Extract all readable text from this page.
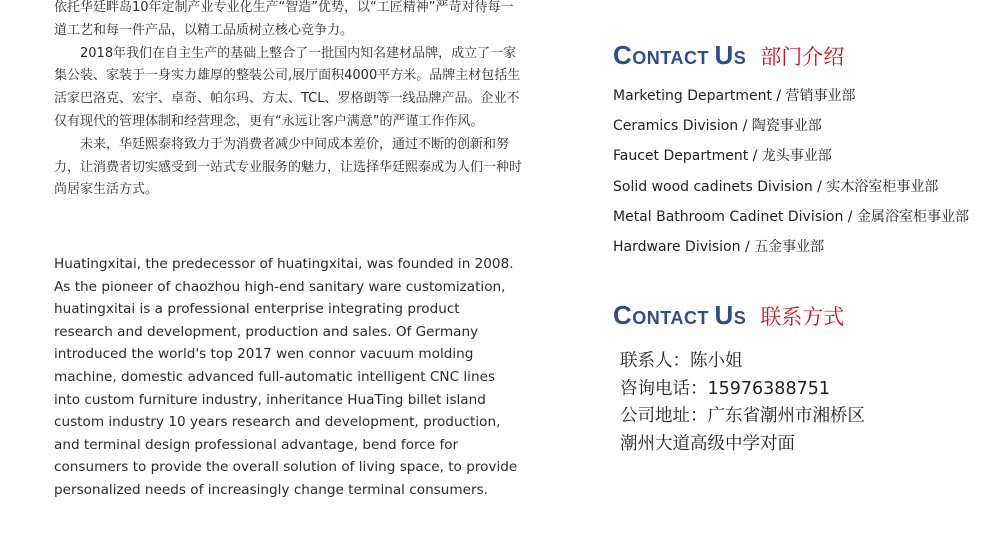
依托华廷畔岛10年定制产业专业化生产“智造”优势，以“工匠精神”严苛对待每一道工艺和每一件产品，以精工品质树立核心竞争力。

2018年我们在自主生产的基础上整合了一批国内知名建材品牌，成立了一家集公装、家装于一身实力雄厚的整装公司,展厅面积4000平方米。品牌主材包括生活家巴洛克、宏宇、卓奇、帕尔玛、方太、TCL、罗格朗等一线品牌产品。企业不仅有现代的管理体制和经营理念，更有“永远让客户满意”的严谨工作作风。

未来，华廷熙泰将致力于为消费者减少中间成本差价，通过不断的创新和努力，让消费者切实感受到一站式专业服务的魅力，让选择华廷熙泰成为人们一种时尚居家生活方式。

Huatingxitai, the predecessor of huatingxitai, was founded in 2008. As the pioneer of chaozhou high-end sanitary ware customization, huatingxitai is a professional enterprise integrating product research and development, production and sales. Of Germany introduced the world's top 2017 wen connor vacuum molding machine, domestic advanced full-automatic intelligent CNC lines into custom furniture industry, inheritance HuaTing billet island custom industry 10 years research and development, production, and terminal design professional advantage, bend force for consumers to provide the overall solution of living space, to provide personalized needs of increasingly change terminal consumers.

CONTACT US 部门介绍
Marketing Department / 营销事业部
Ceramics Division / 陶瓷事业部
Faucet Department / 龙头事业部
Solid wood cadinets Division / 实木浴室柜事业部
Metal Bathroom Cadinet Division / 金属浴室柜事业部
Hardware Division / 五金事业部
CONTACT US 联系方式
联系人：陈小姐
咨询电话：15976388751
公司地址：广东省潮州市湘桥区
潮州大道高级中学对面
